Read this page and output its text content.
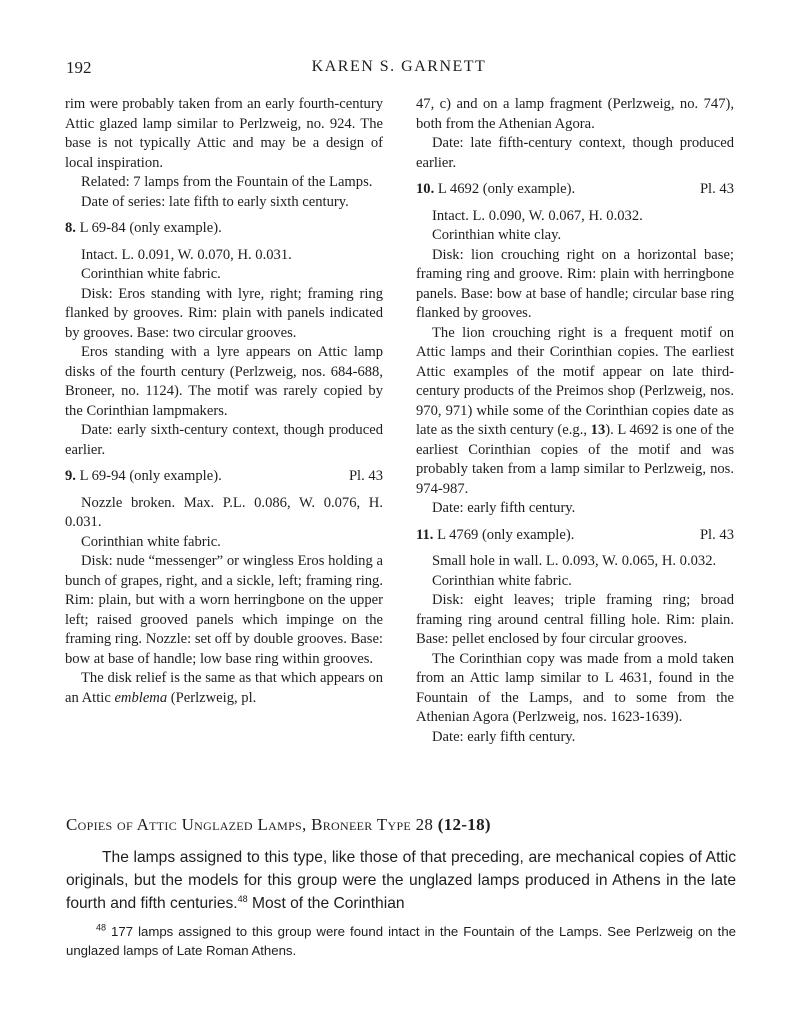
192	KAREN S. GARNETT

rim were probably taken from an early fourth-century Attic glazed lamp similar to Perlzweig, no. 924. The base is not typically Attic and may be a design of local inspiration.

Related: 7 lamps from the Fountain of the Lamps.

Date of series: late fifth to early sixth century.

8. L 69-84 (only example).

Intact. L. 0.091, W. 0.070, H. 0.031.

Corinthian white fabric.

Disk: Eros standing with lyre, right; framing ring flanked by grooves. Rim: plain with panels indicated by grooves. Base: two circular grooves.

Eros standing with a lyre appears on Attic lamp disks of the fourth century (Perlzweig, nos. 684-688, Broneer, no. 1124). The motif was rarely copied by the Corinthian lampmakers.

Date: early sixth-century context, though produced earlier.

9. L 69-94 (only example).	Pl. 43

Nozzle broken. Max. P.L. 0.086, W. 0.076, H. 0.031.

Corinthian white fabric.

Disk: nude “messenger” or wingless Eros holding a bunch of grapes, right, and a sickle, left; framing ring. Rim: plain, but with a worn herringbone on the upper left; raised grooved panels which impinge on the framing ring. Nozzle: set off by double grooves. Base: bow at base of handle; low base ring within grooves.

The disk relief is the same as that which appears on an Attic emblema (Perlzweig, pl.

47, c) and on a lamp fragment (Perlzweig, no. 747), both from the Athenian Agora.

Date: late fifth-century context, though produced earlier.

10. L 4692 (only example).	Pl. 43

Intact. L. 0.090, W. 0.067, H. 0.032.

Corinthian white clay.

Disk: lion crouching right on a horizontal base; framing ring and groove. Rim: plain with herringbone panels. Base: bow at base of handle; circular base ring flanked by grooves.

The lion crouching right is a frequent motif on Attic lamps and their Corinthian copies. The earliest Attic examples of the motif appear on late third-century products of the Preimos shop (Perlzweig, nos. 970, 971) while some of the Corinthian copies date as late as the sixth century (e.g., 13). L 4692 is one of the earliest Corinthian copies of the motif and was probably taken from a lamp similar to Perlzweig, nos. 974-987.

Date: early fifth century.

11. L 4769 (only example).	Pl. 43

Small hole in wall. L. 0.093, W. 0.065, H. 0.032.

Corinthian white fabric.

Disk: eight leaves; triple framing ring; broad framing ring around central filling hole. Rim: plain. Base: pellet enclosed by four circular grooves.

The Corinthian copy was made from a mold taken from an Attic lamp similar to L 4631, found in the Fountain of the Lamps, and to some from the Athenian Agora (Perlzweig, nos. 1623-1639).

Date: early fifth century.

Copies of Attic Unglazed Lamps, Broneer Type 28 (12-18)

The lamps assigned to this type, like those of that preceding, are mechanical copies of Attic originals, but the models for this group were the unglazed lamps produced in Athens in the late fourth and fifth centuries.$^{48}$ Most of the Corinthian

$^{48}$ 177 lamps assigned to this group were found intact in the Fountain of the Lamps. See Perlzweig on the unglazed lamps of Late Roman Athens.
